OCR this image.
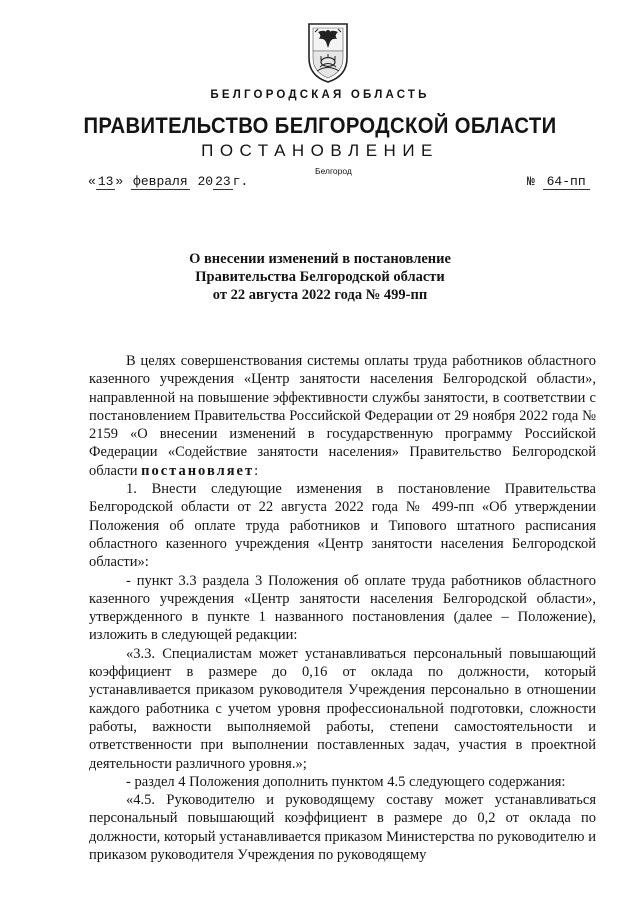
БЕЛГОРОДСКАЯ ОБЛАСТЬ
ПРАВИТЕЛЬСТВО БЕЛГОРОДСКОЙ ОБЛАСТИ
ПОСТАНОВЛЕНИЕ
Белгород
« 13 » февраля 20 23 г.	№ 64-пп
О внесении изменений в постановление
Правительства Белгородской области
от 22 августа 2022 года № 499-пп

В целях совершенствования системы оплаты труда работников областного казенного учреждения «Центр занятости населения Белгородской области», направленной на повышение эффективности службы занятости, в соответствии с постановлением Правительства Российской Федерации от 29 ноября 2022 года № 2159 «О внесении изменений в государственную программу Российской Федерации «Содействие занятости населения» Правительство Белгородской области постановляет:

1. Внести следующие изменения в постановление Правительства Белгородской области от 22 августа 2022 года № 499-пп «Об утверждении Положения об оплате труда работников и Типового штатного расписания областного казенного учреждения «Центр занятости населения Белгородской области»:

- пункт 3.3 раздела 3 Положения об оплате труда работников областного казенного учреждения «Центр занятости населения Белгородской области», утвержденного в пункте 1 названного постановления (далее – Положение), изложить в следующей редакции:

«3.3. Специалистам может устанавливаться персональный повышающий коэффициент в размере до 0,16 от оклада по должности, который устанавливается приказом руководителя Учреждения персонально в отношении каждого работника с учетом уровня профессиональной подготовки, сложности работы, важности выполняемой работы, степени самостоятельности и ответственности при выполнении поставленных задач, участия в проектной деятельности различного уровня.»;

- раздел 4 Положения дополнить пунктом 4.5 следующего содержания:

«4.5. Руководителю и руководящему составу может устанавливаться персональный повышающий коэффициент в размере до 0,2 от оклада по должности, который устанавливается приказом Министерства по руководителю и приказом руководителя Учреждения по руководящему
